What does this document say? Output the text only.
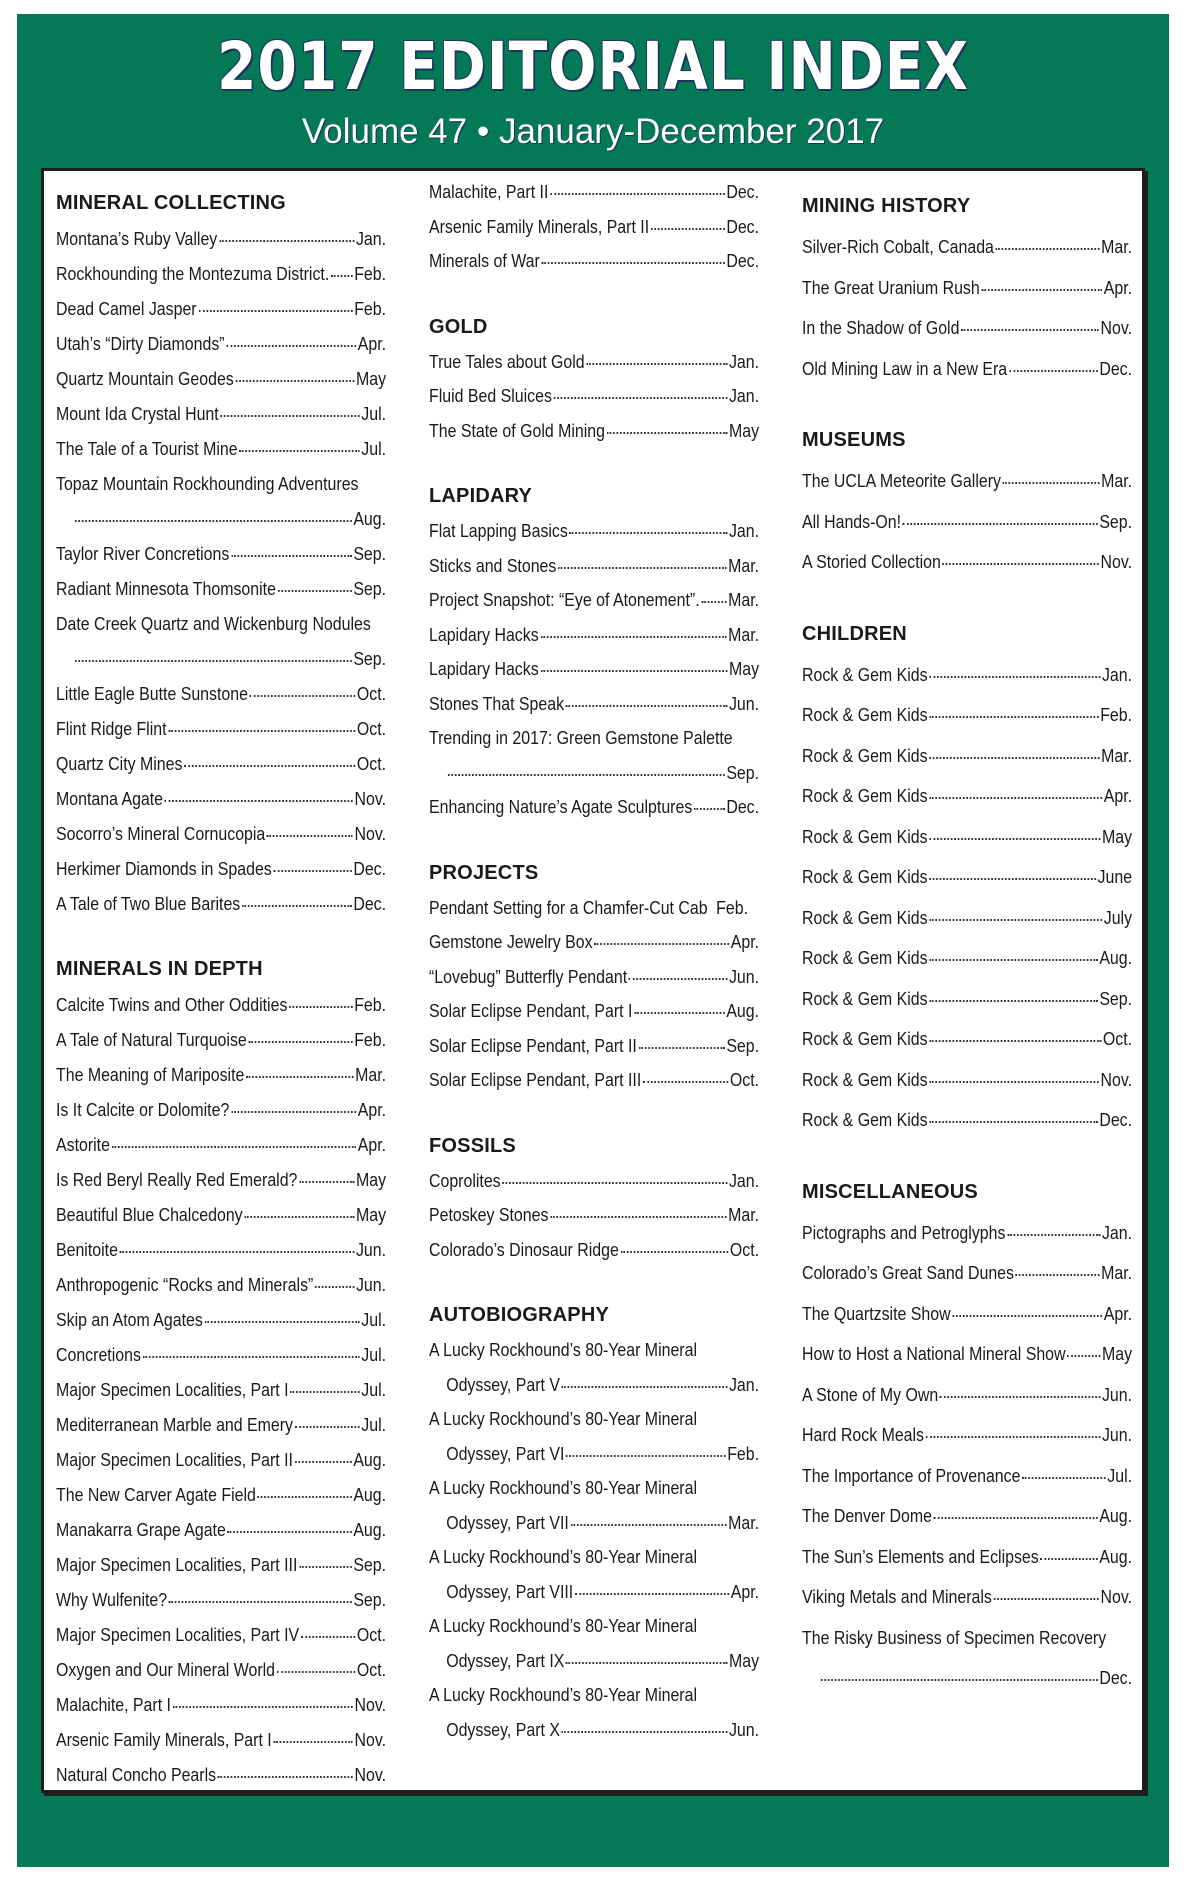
2017 EDITORIAL INDEX
Volume 47 • January-December 2017
MINERAL COLLECTING
Montana’s Ruby Valley	Jan.
Rockhounding the Montezuma District. Feb.
Dead Camel Jasper	Feb.
Utah’s “Dirty Diamonds”	Apr.
Quartz Mountain Geodes	May
Mount Ida Crystal Hunt	Jul.
The Tale of a Tourist Mine	Jul.
Topaz Mountain Rockhounding Adventures
Aug.
Taylor River Concretions	Sep.
Radiant Minnesota Thomsonite	Sep.
Date Creek Quartz and Wickenburg Nodules
Sep.
Little Eagle Butte Sunstone	Oct.
Flint Ridge Flint	Oct.
Quartz City Mines	Oct.
Montana Agate	Nov.
Socorro’s Mineral Cornucopia	Nov.
Herkimer Diamonds in Spades	Dec.
A Tale of Two Blue Barites	Dec.
MINERALS IN DEPTH
Calcite Twins and Other Oddities	Feb.
A Tale of Natural Turquoise	Feb.
The Meaning of Mariposite	Mar.
Is It Calcite or Dolomite?	Apr.
Astorite	Apr.
Is Red Beryl Really Red Emerald?	May
Beautiful Blue Chalcedony	May
Benitoite	Jun.
Anthropogenic “Rocks and Minerals” Jun.
Skip an Atom Agates	Jul.
Concretions	Jul.
Major Specimen Localities, Part I	Jul.
Mediterranean Marble and Emery	Jul.
Major Specimen Localities, Part II	Aug.
The New Carver Agate Field	Aug.
Manakarra Grape Agate	Aug.
Major Specimen Localities, Part III	Sep.
Why Wulfenite?	Sep.
Major Specimen Localities, Part IV	Oct.
Oxygen and Our Mineral World	Oct.
Malachite, Part I	Nov.
Arsenic Family Minerals, Part I	Nov.
Natural Concho Pearls	Nov.
Malachite, Part II	Dec.
Arsenic Family Minerals, Part II	Dec.
Minerals of War	Dec.
GOLD
True Tales about Gold	Jan.
Fluid Bed Sluices	Jan.
The State of Gold Mining	May
LAPIDARY
Flat Lapping Basics	Jan.
Sticks and Stones	Mar.
Project Snapshot: “Eye of Atonement”. Mar.
Lapidary Hacks	Mar.
Lapidary Hacks	May
Stones That Speak	Jun.
Trending in 2017: Green Gemstone Palette
Sep.
Enhancing Nature’s Agate Sculptures Dec.
PROJECTS
Pendant Setting for a Chamfer-Cut Cab Feb.
Gemstone Jewelry Box	Apr.
“Lovebug” Butterfly Pendant	Jun.
Solar Eclipse Pendant, Part I	Aug.
Solar Eclipse Pendant, Part II	Sep.
Solar Eclipse Pendant, Part III	Oct.
FOSSILS
Coprolites	Jan.
Petoskey Stones	Mar.
Colorado’s Dinosaur Ridge	Oct.
AUTOBIOGRAPHY
A Lucky Rockhound’s 80-Year Mineral
Odyssey, Part V	Jan.
A Lucky Rockhound’s 80-Year Mineral
Odyssey, Part VI	Feb.
A Lucky Rockhound’s 80-Year Mineral
Odyssey, Part VII	Mar.
A Lucky Rockhound’s 80-Year Mineral
Odyssey, Part VIII	Apr.
A Lucky Rockhound’s 80-Year Mineral
Odyssey, Part IX	May
A Lucky Rockhound’s 80-Year Mineral
Odyssey, Part X	Jun.
MINING HISTORY
Silver-Rich Cobalt, Canada	Mar.
The Great Uranium Rush	Apr.
In the Shadow of Gold	Nov.
Old Mining Law in a New Era	Dec.
MUSEUMS
The UCLA Meteorite Gallery	Mar.
All Hands-On!	Sep.
A Storied Collection	Nov.
CHILDREN
Rock & Gem Kids	Jan.
Rock & Gem Kids	Feb.
Rock & Gem Kids	Mar.
Rock & Gem Kids	Apr.
Rock & Gem Kids	May
Rock & Gem Kids	June
Rock & Gem Kids	July
Rock & Gem Kids	Aug.
Rock & Gem Kids	Sep.
Rock & Gem Kids	Oct.
Rock & Gem Kids	Nov.
Rock & Gem Kids	Dec.
MISCELLANEOUS
Pictographs and Petroglyphs	Jan.
Colorado’s Great Sand Dunes	Mar.
The Quartzsite Show	Apr.
How to Host a National Mineral Show May
A Stone of My Own	Jun.
Hard Rock Meals	Jun.
The Importance of Provenance	Jul.
The Denver Dome	Aug.
The Sun’s Elements and Eclipses	Aug.
Viking Metals and Minerals	Nov.
The Risky Business of Specimen Recovery
Dec.
